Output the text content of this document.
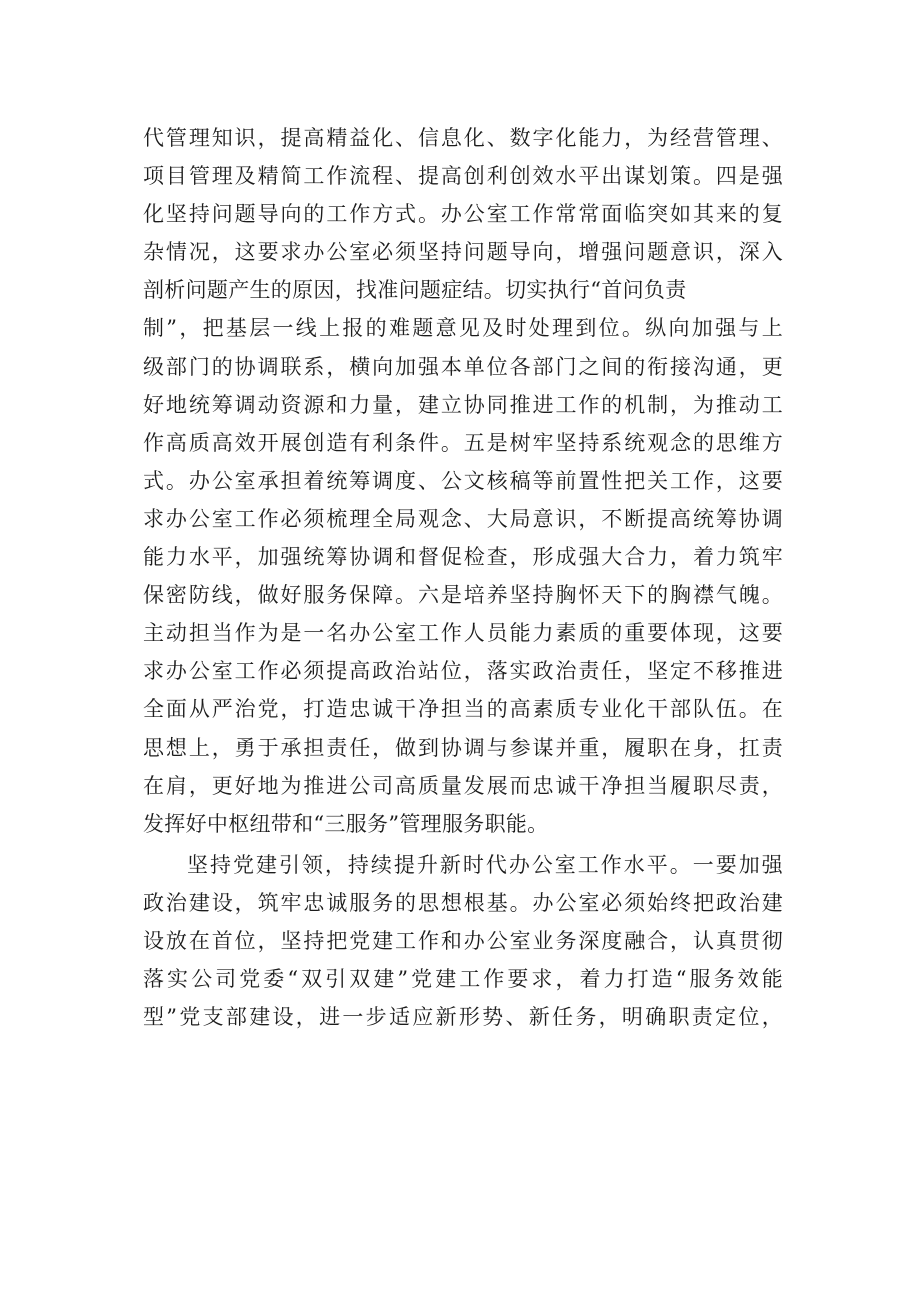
代管理知识，提高精益化、信息化、数字化能力，为经营管理、
项目管理及精简工作流程、提高创利创效水平出谋划策。四是强
化坚持问题导向的工作方式。办公室工作常常面临突如其来的复
杂情况，这要求办公室必须坚持问题导向，增强问题意识，深入
剖析问题产生的原因，找准问题症结。切实执行“首问负责
制”，把基层一线上报的难题意见及时处理到位。纵向加强与上
级部门的协调联系，横向加强本单位各部门之间的衔接沟通，更
好地统筹调动资源和力量，建立协同推进工作的机制，为推动工
作高质高效开展创造有利条件。五是树牢坚持系统观念的思维方
式。办公室承担着统筹调度、公文核稿等前置性把关工作，这要
求办公室工作必须梳理全局观念、大局意识，不断提高统筹协调
能力水平，加强统筹协调和督促检查，形成强大合力，着力筑牢
保密防线，做好服务保障。六是培养坚持胸怀天下的胸襟气魄。
主动担当作为是一名办公室工作人员能力素质的重要体现，这要
求办公室工作必须提高政治站位，落实政治责任，坚定不移推进
全面从严治党，打造忠诚干净担当的高素质专业化干部队伍。在
思想上，勇于承担责任，做到协调与参谋并重，履职在身，扛责
在肩，更好地为推进公司高质量发展而忠诚干净担当履职尽责，
发挥好中枢纽带和“三服务”管理服务职能。
坚持党建引领，持续提升新时代办公室工作水平。一要加强
政治建设，筑牢忠诚服务的思想根基。办公室必须始终把政治建
设放在首位，坚持把党建工作和办公室业务深度融合，认真贯彻
落实公司党委“双引双建”党建工作要求，着力打造“服务效能
型”党支部建设，进一步适应新形势、新任务，明确职责定位，
